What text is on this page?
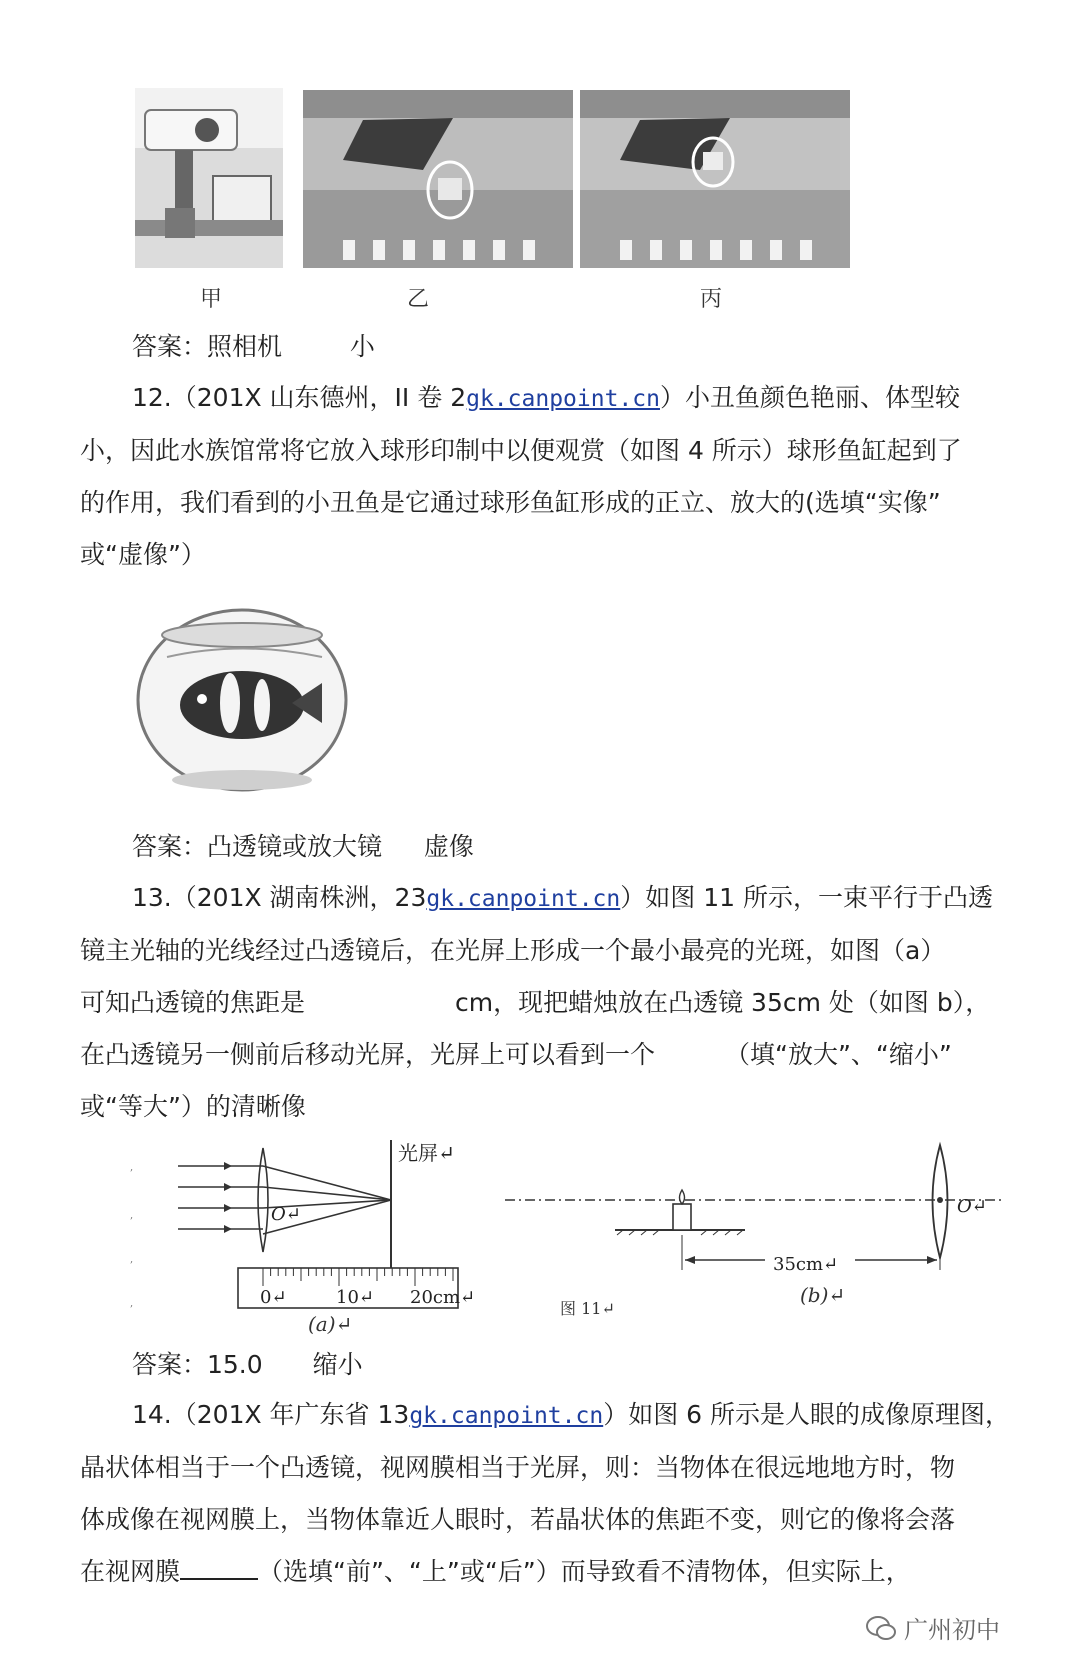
甲	乙	丙
答案：照相机	小
12.（201X 山东德州，II 卷 2gk.canpoint.cn）小丑鱼颜色艳丽、体型较
小，因此水族馆常将它放入球形印制中以便观赏（如图 4 所示）球形鱼缸起到了
的作用，我们看到的小丑鱼是它通过球形鱼缸形成的正立、放大的(选填“实像”
或“虚像”）
答案：凸透镜或放大镜 虚像
13.（201X 湖南株洲，23gk.canpoint.cn）如图 11 所示，一束平行于凸透
镜主光轴的光线经过凸透镜后，在光屏上形成一个最小最亮的光斑，如图（a）
可知凸透镜的焦距是	cm，现把蜡烛放在凸透镜 35cm 处（如图 b），
在凸透镜另一侧前后移动光屏，光屏上可以看到一个	（填“放大”、“缩小”
或“等大”）的清晰像
,
,
,
,
光屏↵
O↵
0↵	10↵ 20cm↵
(a)↵
O↵
35cm↵
图 11↵
(b)↵
答案：15.0 缩小
14.（201X 年广东省 13gk.canpoint.cn）如图 6 所示是人眼的成像原理图，
晶状体相当于一个凸透镜，视网膜相当于光屏，则：当物体在很远地地方时，物
体成像在视网膜上，当物体靠近人眼时，若晶状体的焦距不变，则它的像将会落
在视网膜	（选填“前”、“上”或“后”）而导致看不清物体，但实际上，
广州初中
